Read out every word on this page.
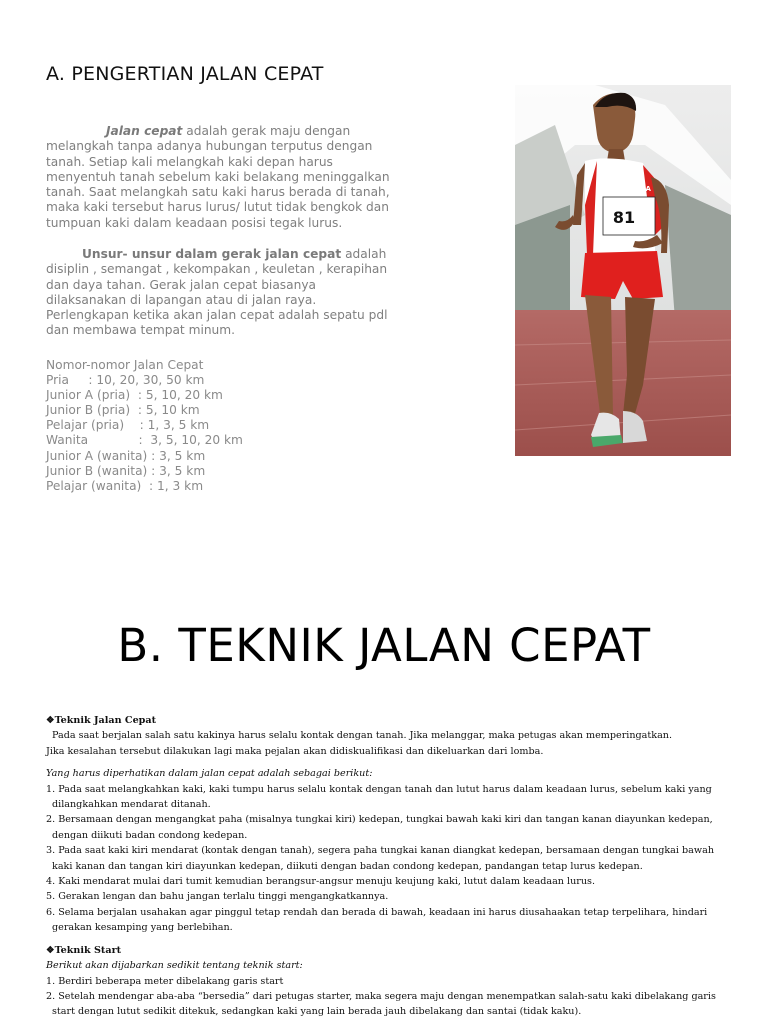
A. PENGERTIAN JALAN CEPAT
Jalan cepat adalah gerak maju dengan melangkah tanpa adanya hubungan terputus dengan tanah. Setiap kali melangkah kaki depan harus menyentuh tanah sebelum kaki belakang meninggalkan tanah. Saat melangkah satu kaki harus berada di tanah, maka kaki tersebut harus lurus/ lutut tidak bengkok dan tumpuan kaki dalam keadaan posisi tegak lurus.
Unsur- unsur dalam gerak jalan cepat adalah disiplin , semangat , kekompakan , keuletan , kerapihan dan daya tahan. Gerak jalan cepat biasanya dilaksanakan di lapangan atau di jalan raya. Perlengkapan ketika akan jalan cepat adalah sepatu pdl dan membawa tempat minum.
Nomor-nomor Jalan Cepat
Pria     : 10, 20, 30, 50 km
Junior A (pria)  : 5, 10, 20 km
Junior B (pria)  : 5, 10 km
Pelajar (pria)    : 1, 3, 5 km
Wanita             :  3, 5, 10, 20 km
Junior A (wanita) : 3, 5 km
Junior B (wanita) : 3, 5 km
Pelajar (wanita)  : 1, 3 km
INDONESIA
81
B. TEKNIK JALAN CEPAT

❖Teknik Jalan Cepat

Pada saat berjalan salah satu kakinya harus selalu kontak dengan tanah. Jika melanggar, maka petugas akan memperingatkan.

Jika kesalahan tersebut dilakukan lagi maka pejalan akan didiskualifikasi dan dikeluarkan dari lomba.

Yang harus diperhatikan dalam jalan cepat adalah sebagai berikut:

1. Pada saat melangkahkan kaki, kaki tumpu harus selalu kontak dengan tanah dan lutut harus dalam keadaan lurus, sebelum kaki yang dilangkahkan mendarat ditanah.

2. Bersamaan dengan mengangkat paha (misalnya tungkai kiri) kedepan, tungkai bawah kaki kiri dan tangan kanan diayunkan kedepan, dengan diikuti badan condong kedepan.

3. Pada saat kaki kiri mendarat (kontak dengan tanah), segera paha tungkai kanan diangkat kedepan, bersamaan dengan tungkai bawah kaki kanan dan tangan kiri diayunkan kedepan, diikuti dengan badan condong kedepan, pandangan tetap lurus kedepan.

4. Kaki mendarat mulai dari tumit kemudian berangsur-angsur menuju keujung kaki, lutut dalam keadaan lurus.

5. Gerakan lengan dan bahu jangan terlalu tinggi mengangkatkannya.

6. Selama berjalan usahakan agar pinggul tetap rendah dan berada di bawah, keadaan ini harus diusahaakan tetap terpelihara, hindari gerakan kesamping yang berlebihan.

❖Teknik Start

Berikut akan dijabarkan sedikit tentang teknik start:

1. Berdiri beberapa meter dibelakang garis start

2. Setelah mendengar aba-aba “bersedia” dari petugas starter, maka segera maju dengan menempatkan salah-satu kaki dibelakang garis start dengan lutut sedikit ditekuk, sedangkan kaki yang lain berada jauh dibelakang dan santai (tidak kaku).
